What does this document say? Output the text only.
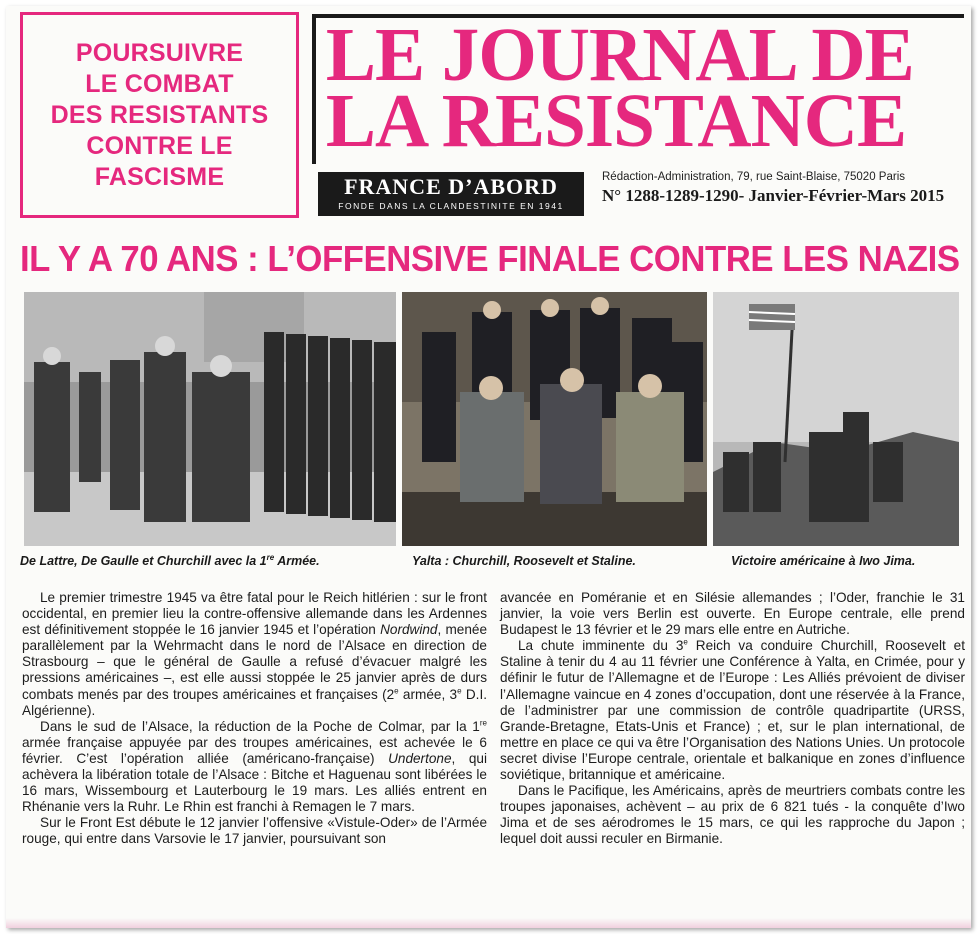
POURSUIVRE
LE COMBAT
DES RESISTANTS
CONTRE LE
FASCISME
LE JOURNAL DE
LA RESISTANCE
FRANCE D’ABORD
FONDE DANS LA CLANDESTINITE EN 1941
Rédaction-Administration, 79, rue Saint-Blaise, 75020 Paris
N° 1288-1289-1290- Janvier-Février-Mars 2015
IL Y A 70 ANS : L’OFFENSIVE FINALE CONTRE LES NAZIS
De Lattre, De Gaulle et Churchill avec la 1re Armée.	Yalta : Churchill, Roosevelt et Staline.	Victoire américaine à Iwo Jima.

Le premier trimestre 1945 va être fatal pour le Reich hitlérien : sur le front occidental, en premier lieu la contre-offensive allemande dans les Ardennes est définitivement stoppée le 16 janvier 1945 et l’opération Nordwind, menée parallèlement par la Wehrmacht dans le nord de l’Alsace en direction de Strasbourg – que le général de Gaulle a refusé d’évacuer malgré les pressions américaines –, est elle aussi stoppée le 25 janvier après de durs combats menés par des troupes américaines et françaises (2e armée, 3e D.I. Algérienne).

Dans le sud de l’Alsace, la réduction de la Poche de Colmar, par la 1re armée française appuyée par des troupes américaines, est achevée le 6 février. C’est l’opération alliée (américano-française) Undertone, qui achèvera la libération totale de l’Alsace : Bitche et Haguenau sont libérées le 16 mars, Wissembourg et Lauterbourg le 19 mars. Les alliés entrent en Rhénanie vers la Ruhr. Le Rhin est franchi à Remagen le 7 mars.

Sur le Front Est débute le 12 janvier l’offensive «Vistule-Oder» de l’Armée rouge, qui entre dans Varsovie le 17 janvier, poursuivant son

avancée en Poméranie et en Silésie allemandes ; l’Oder, franchie le 31 janvier, la voie vers Berlin est ouverte. En Europe centrale, elle prend Budapest le 13 février et le 29 mars elle entre en Autriche.

La chute imminente du 3e Reich va conduire Churchill, Roosevelt et Staline à tenir du 4 au 11 février une Conférence à Yalta, en Crimée, pour y définir le futur de l’Allemagne et de l’Europe : Les Alliés prévoient de diviser l’Allemagne vaincue en 4 zones d’occupation, dont une réservée à la France, de l’administrer par une commission de contrôle quadripartite (URSS, Grande-Bretagne, Etats-Unis et France) ; et, sur le plan international, de mettre en place ce qui va être l’Organisation des Nations Unies. Un protocole secret divise l’Europe centrale, orientale et balkanique en zones d’influence soviétique, britannique et américaine.

Dans le Pacifique, les Américains, après de meurtriers combats contre les troupes japonaises, achèvent – au prix de 6 821 tués - la conquête d’Iwo Jima et de ses aérodromes le 15 mars, ce qui les rapproche du Japon ; lequel doit aussi reculer en Birmanie.
